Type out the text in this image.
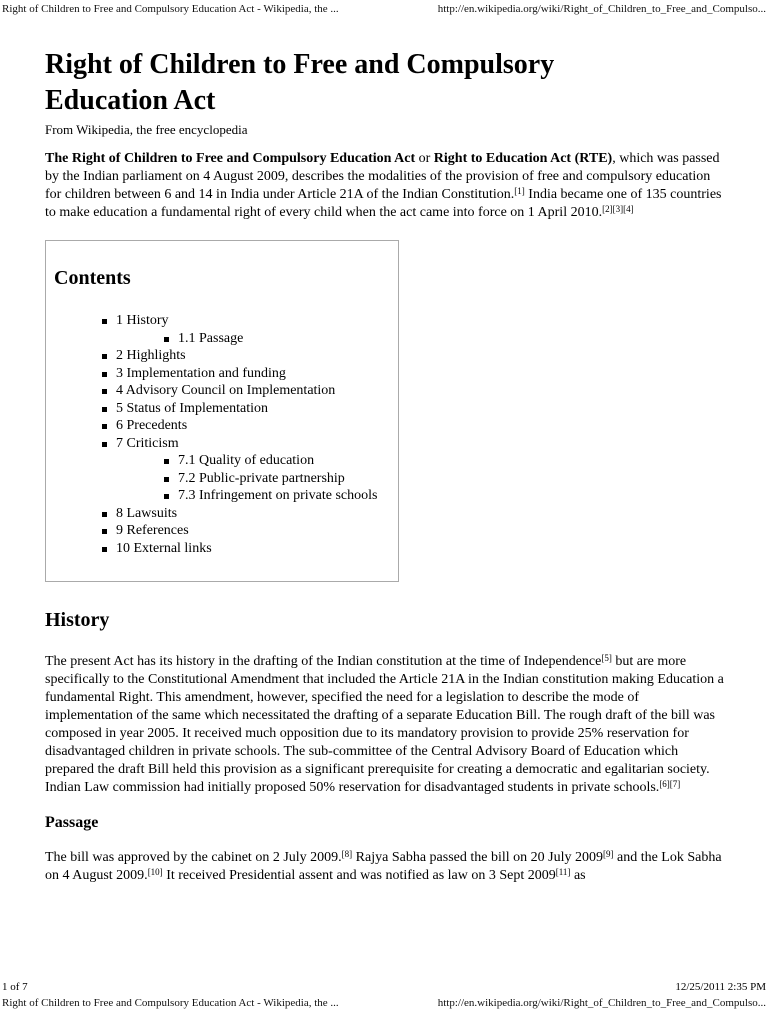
Right of Children to Free and Compulsory Education Act - Wikipedia, the ...	http://en.wikipedia.org/wiki/Right_of_Children_to_Free_and_Compulso...
Right of Children to Free and Compulsory
Education Act
From Wikipedia, the free encyclopedia

The Right of Children to Free and Compulsory Education Act or Right to Education Act (RTE), which was passed by the Indian parliament on 4 August 2009, describes the modalities of the provision of free and compulsory education for children between 6 and 14 in India under Article 21A of the Indian Constitution.[1] India became one of 135 countries to make education a fundamental right of every child when the act came into force on 1 April 2010.[2][3][4]

Contents
1 History
1.1 Passage
2 Highlights
3 Implementation and funding
4 Advisory Council on Implementation
5 Status of Implementation
6 Precedents
7 Criticism
7.1 Quality of education
7.2 Public-private partnership
7.3 Infringement on private schools
8 Lawsuits
9 References
10 External links
History

The present Act has its history in the drafting of the Indian constitution at the time of Independence[5] but are more specifically to the Constitutional Amendment that included the Article 21A in the Indian constitution making Education a fundamental Right. This amendment, however, specified the need for a legislation to describe the mode of implementation of the same which necessitated the drafting of a separate Education Bill. The rough draft of the bill was composed in year 2005. It received much opposition due to its mandatory provision to provide 25% reservation for disadvantaged children in private schools. The sub-committee of the Central Advisory Board of Education which prepared the draft Bill held this provision as a significant prerequisite for creating a democratic and egalitarian society. Indian Law commission had initially proposed 50% reservation for disadvantaged students in private schools.[6][7]

Passage

The bill was approved by the cabinet on 2 July 2009.[8] Rajya Sabha passed the bill on 20 July 2009[9] and the Lok Sabha on 4 August 2009.[10] It received Presidential assent and was notified as law on 3 Sept 2009[11] as

1 of 7	12/25/2011 2:35 PM
Right of Children to Free and Compulsory Education Act - Wikipedia, the ...	http://en.wikipedia.org/wiki/Right_of_Children_to_Free_and_Compulso...
